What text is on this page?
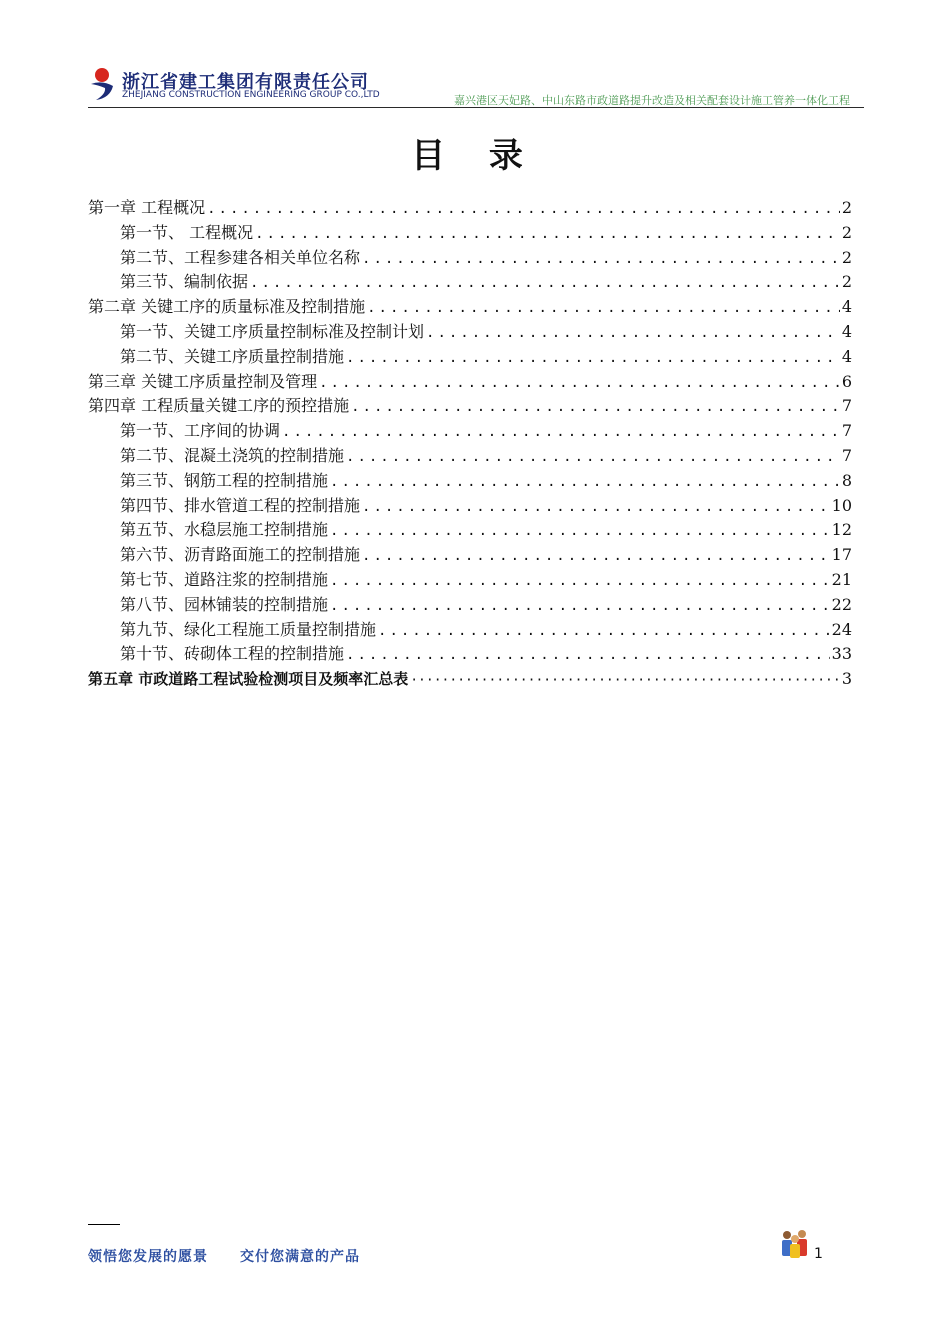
浙江省建工集团有限责任公司
ZHEJIANG CONSTRUCTION ENGINEERING GROUP CO.,LTD	嘉兴港区天妃路、中山东路市政道路提升改造及相关配套设计施工管养一体化工程
目 录
第一章 工程概况 .....	2
第一节、 工程概况 .....	2
第二节、工程参建各相关单位名称 .....	2
第三节、编制依据 .....	2
第二章 关键工序的质量标准及控制措施 .....	4
第一节、关键工序质量控制标准及控制计划 .....	4
第二节、关键工序质量控制措施 .....	4
第三章 关键工序质量控制及管理 .....	6
第四章 工程质量关键工序的预控措施 .....	7
第一节、工序间的协调 .....	7
第二节、混凝土浇筑的控制措施 .....	7
第三节、钢筋工程的控制措施 .....	8
第四节、排水管道工程的控制措施 .....	10
第五节、水稳层施工控制措施 .....	12
第六节、沥青路面施工的控制措施 .....	17
第七节、道路注浆的控制措施 .....	21
第八节、园林铺装的控制措施 .....	22
第九节、绿化工程施工质量控制措施 .....	24
第十节、砖砌体工程的控制措施 .....	33
第五章 市政道路工程试验检测项目及频率汇总表 ·····	3
领悟您发展的愿景 交付您满意的产品	1
